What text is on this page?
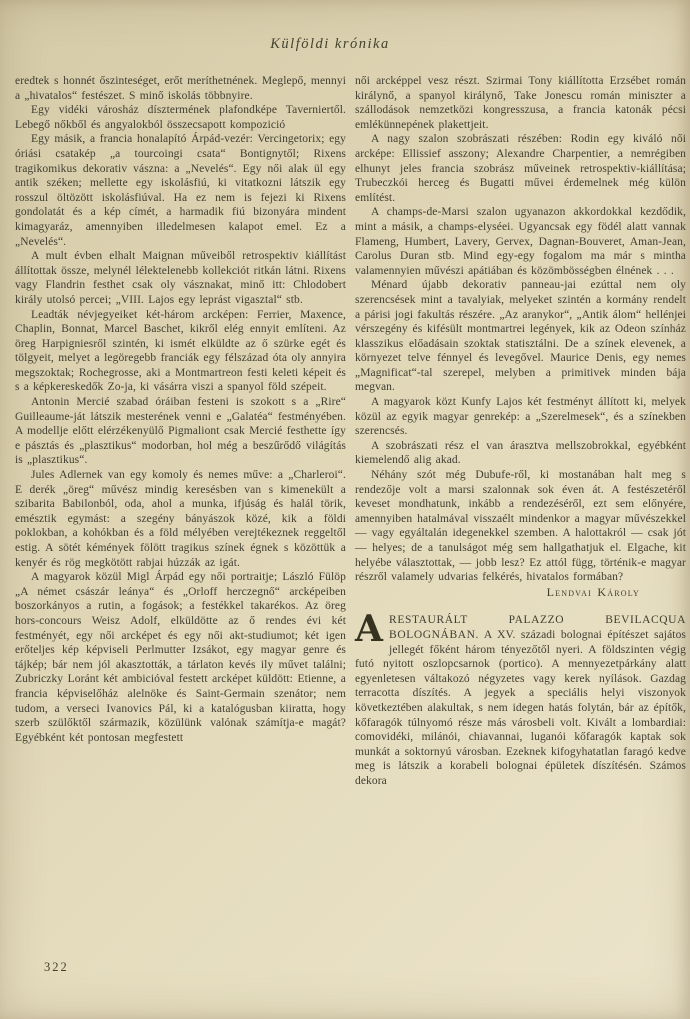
Külföldi krónika

eredtek s honnét őszinteséget, erőt meríthetnének. Meglepő, mennyi a „hivatalos“ festészet. S minő iskolás többnyire.

Egy vidéki városház dísztermének plafondképe Taverniertől. Lebegő nőkből és angyalokból összecsapott kompozició

Egy másik, a francia honalapító Árpád-vezér: Vercingetorix; egy óriási csatakép „a tourcoingi csata“ Bontignytől; Rixens tragikomikus dekorativ vászna: a „Nevelés“. Egy női alak ül egy antik széken; mellette egy iskolásfiú, ki vitatkozni látszik egy rosszul öltözött iskolásfiúval. Ha ez nem is fejezi ki Rixens gondolatát és a kép címét, a harmadik fiú bizonyára mindent kimagyaráz, amennyiben illedelmesen kalapot emel. Ez a „Nevelés“.

A mult évben elhalt Maignan műveiből retrospektiv kiállítást állítottak össze, melynél lélektelenebb kollekciót ritkán látni. Rixens vagy Flandrin festhet csak oly vásznakat, minő itt: Chlodobert király utolsó percei; „VIII. Lajos egy leprást vigasztal“ stb.

Leadták névjegyeiket két-három arcképen: Ferrier, Maxence, Chaplin, Bonnat, Marcel Baschet, kikről elég ennyit említeni. Az öreg Harpigniesről szintén, ki ismét elküldte az ő szürke egét és tölgyeit, melyet a legöregebb franciák egy félszázad óta oly annyira megszoktak; Rochegrosse, aki a Montmartreon festi keleti képeit és s a képkereskedők Zo-ja, ki vásárra viszi a spanyol föld szépeit.

Antonin Mercié szabad óráiban festeni is szokott s a „Rire“ Guilleaume-ját látszik mesterének venni e „Galatéa“ festményében. A modellje előtt elérzékenyülő Pigmaliont csak Mercié festhette így e pásztás és „plasztikus“ modorban, hol még a beszűrődő világítás is „plasztikus“.

Jules Adlernek van egy komoly és nemes műve: a „Charleroi“. E derék „öreg“ művész mindig keresésben van s kimenekült a szibarita Babilonból, oda, ahol a munka, ifjúság és halál törik, emésztik egymást: a szegény bányászok közé, kik a földi poklokban, a kohókban és a föld mélyében verejtékeznek reggeltől estig. A sötét kémények fölött tragikus színek égnek s közöttük a kenyér és rög megkötött rabjai húzzák az igát.

A magyarok közül Migl Árpád egy női portraitje; László Fülöp „A német császár leánya“ és „Orloff herczegnő“ arcképeiben boszorkányos a rutin, a fogások; a festékkel takarékos. Az öreg hors-concours Weisz Adolf, elküldötte az ő rendes évi két festményét, egy női arcképet és egy női akt-studiumot; két igen erőteljes kép képviseli Perlmutter Izsákot, egy magyar genre és tájkép; bár nem jól akasztották, a tárlaton kevés ily művet találni; Zubriczky Loránt két ambicióval festett arcképet küldött: Etienne, a francia képviselőház alelnöke és Saint-Germain szenátor; nem tudom, a verseci Ivanovics Pál, ki a katalógusban kiiratta, hogy szerb szülőktől származik, közülünk valónak számítja-e magát? Egyébként két pontosan megfestett

női arcképpel vesz részt. Szirmai Tony kiállította Erzsébet román királynő, a spanyol királynő, Take Jonescu román miniszter a szállodások nemzetközi kongresszusa, a francia katonák pécsi emlékünnepének plakettjeit.

A nagy szalon szobrászati részében: Rodin egy kiváló női arcképe: Ellissief asszony; Alexandre Charpentier, a nemrégiben elhunyt jeles francia szobrász műveinek retrospektiv-kiállítása; Trubeczkói herceg és Bugatti művei érdemelnek még külön említést.

A champs-de-Marsi szalon ugyanazon akkordokkal kezdődik, mint a másik, a champs-elyséei. Ugyancsak egy födél alatt vannak Flameng, Humbert, Lavery, Gervex, Dagnan-Bouveret, Aman-Jean, Carolus Duran stb. Mind egy-egy fogalom ma már s mintha valamennyien művészi apátiában és közömbösségben élnének . . .

Ménard újabb dekorativ panneau-jai ezúttal nem oly szerencsések mint a tavalyiak, melyeket szintén a kormány rendelt a párisi jogi fakultás részére. „Az aranykor“, „Antik álom“ hellénjei vérszegény és kifésült montmartrei legények, kik az Odeon színház klasszikus előadásain szoktak statisztálni. De a színek elevenek, a környezet telve fénnyel és levegővel. Maurice Denis, egy nemes „Magnificat“-tal szerepel, melyben a primitivek minden bája megvan.

A magyarok közt Kunfy Lajos két festményt állított ki, melyek közül az egyik magyar genrekép: a „Szerelmesek“, és a színekben szerencsés.

A szobrászati rész el van árasztva mellszobrokkal, egyébként kiemelendő alig akad.

Néhány szót még Dubufe-ről, ki mostanában halt meg s rendezője volt a marsi szalonnak sok éven át. A festészetéről keveset mondhatunk, inkább a rendezéséről, ezt sem előnyére, amennyiben hatalmával visszaélt mindenkor a magyar művészekkel — vagy egyáltalán idegenekkel szemben. A halottakról — csak jót — helyes; de a tanulságot még sem hallgathatjuk el. Elgache, kit helyébe választottak, — jobb lesz? Ez attól függ, történik-e magyar részről valamely udvarias felkérés, hivatalos formában?

Lendvai Károly

ARESTAURÁLT PALAZZO BEVILACQUA BOLOGNÁBAN. A XV. századi bolognai építészet sajátos jellegét főként három tényezőtől nyeri. A földszinten végig futó nyitott oszlopcsarnok (portico). A mennyezetpárkány alatt egyenletesen váltakozó négyzetes vagy kerek nyílások. Gazdag terracotta díszítés. A jegyek a speciális helyi viszonyok következtében alakultak, s nem idegen hatás folytán, bár az építők, kőfaragók túlnyomó része más városbeli volt. Kivált a lombardiai: comovidéki, milánói, chiavannai, luganói kőfaragók kaptak sok munkát a soktornyú városban. Ezeknek kifogyhatatlan faragó kedve meg is látszik a korabeli bolognai épületek díszítésén. Számos dekora

322
